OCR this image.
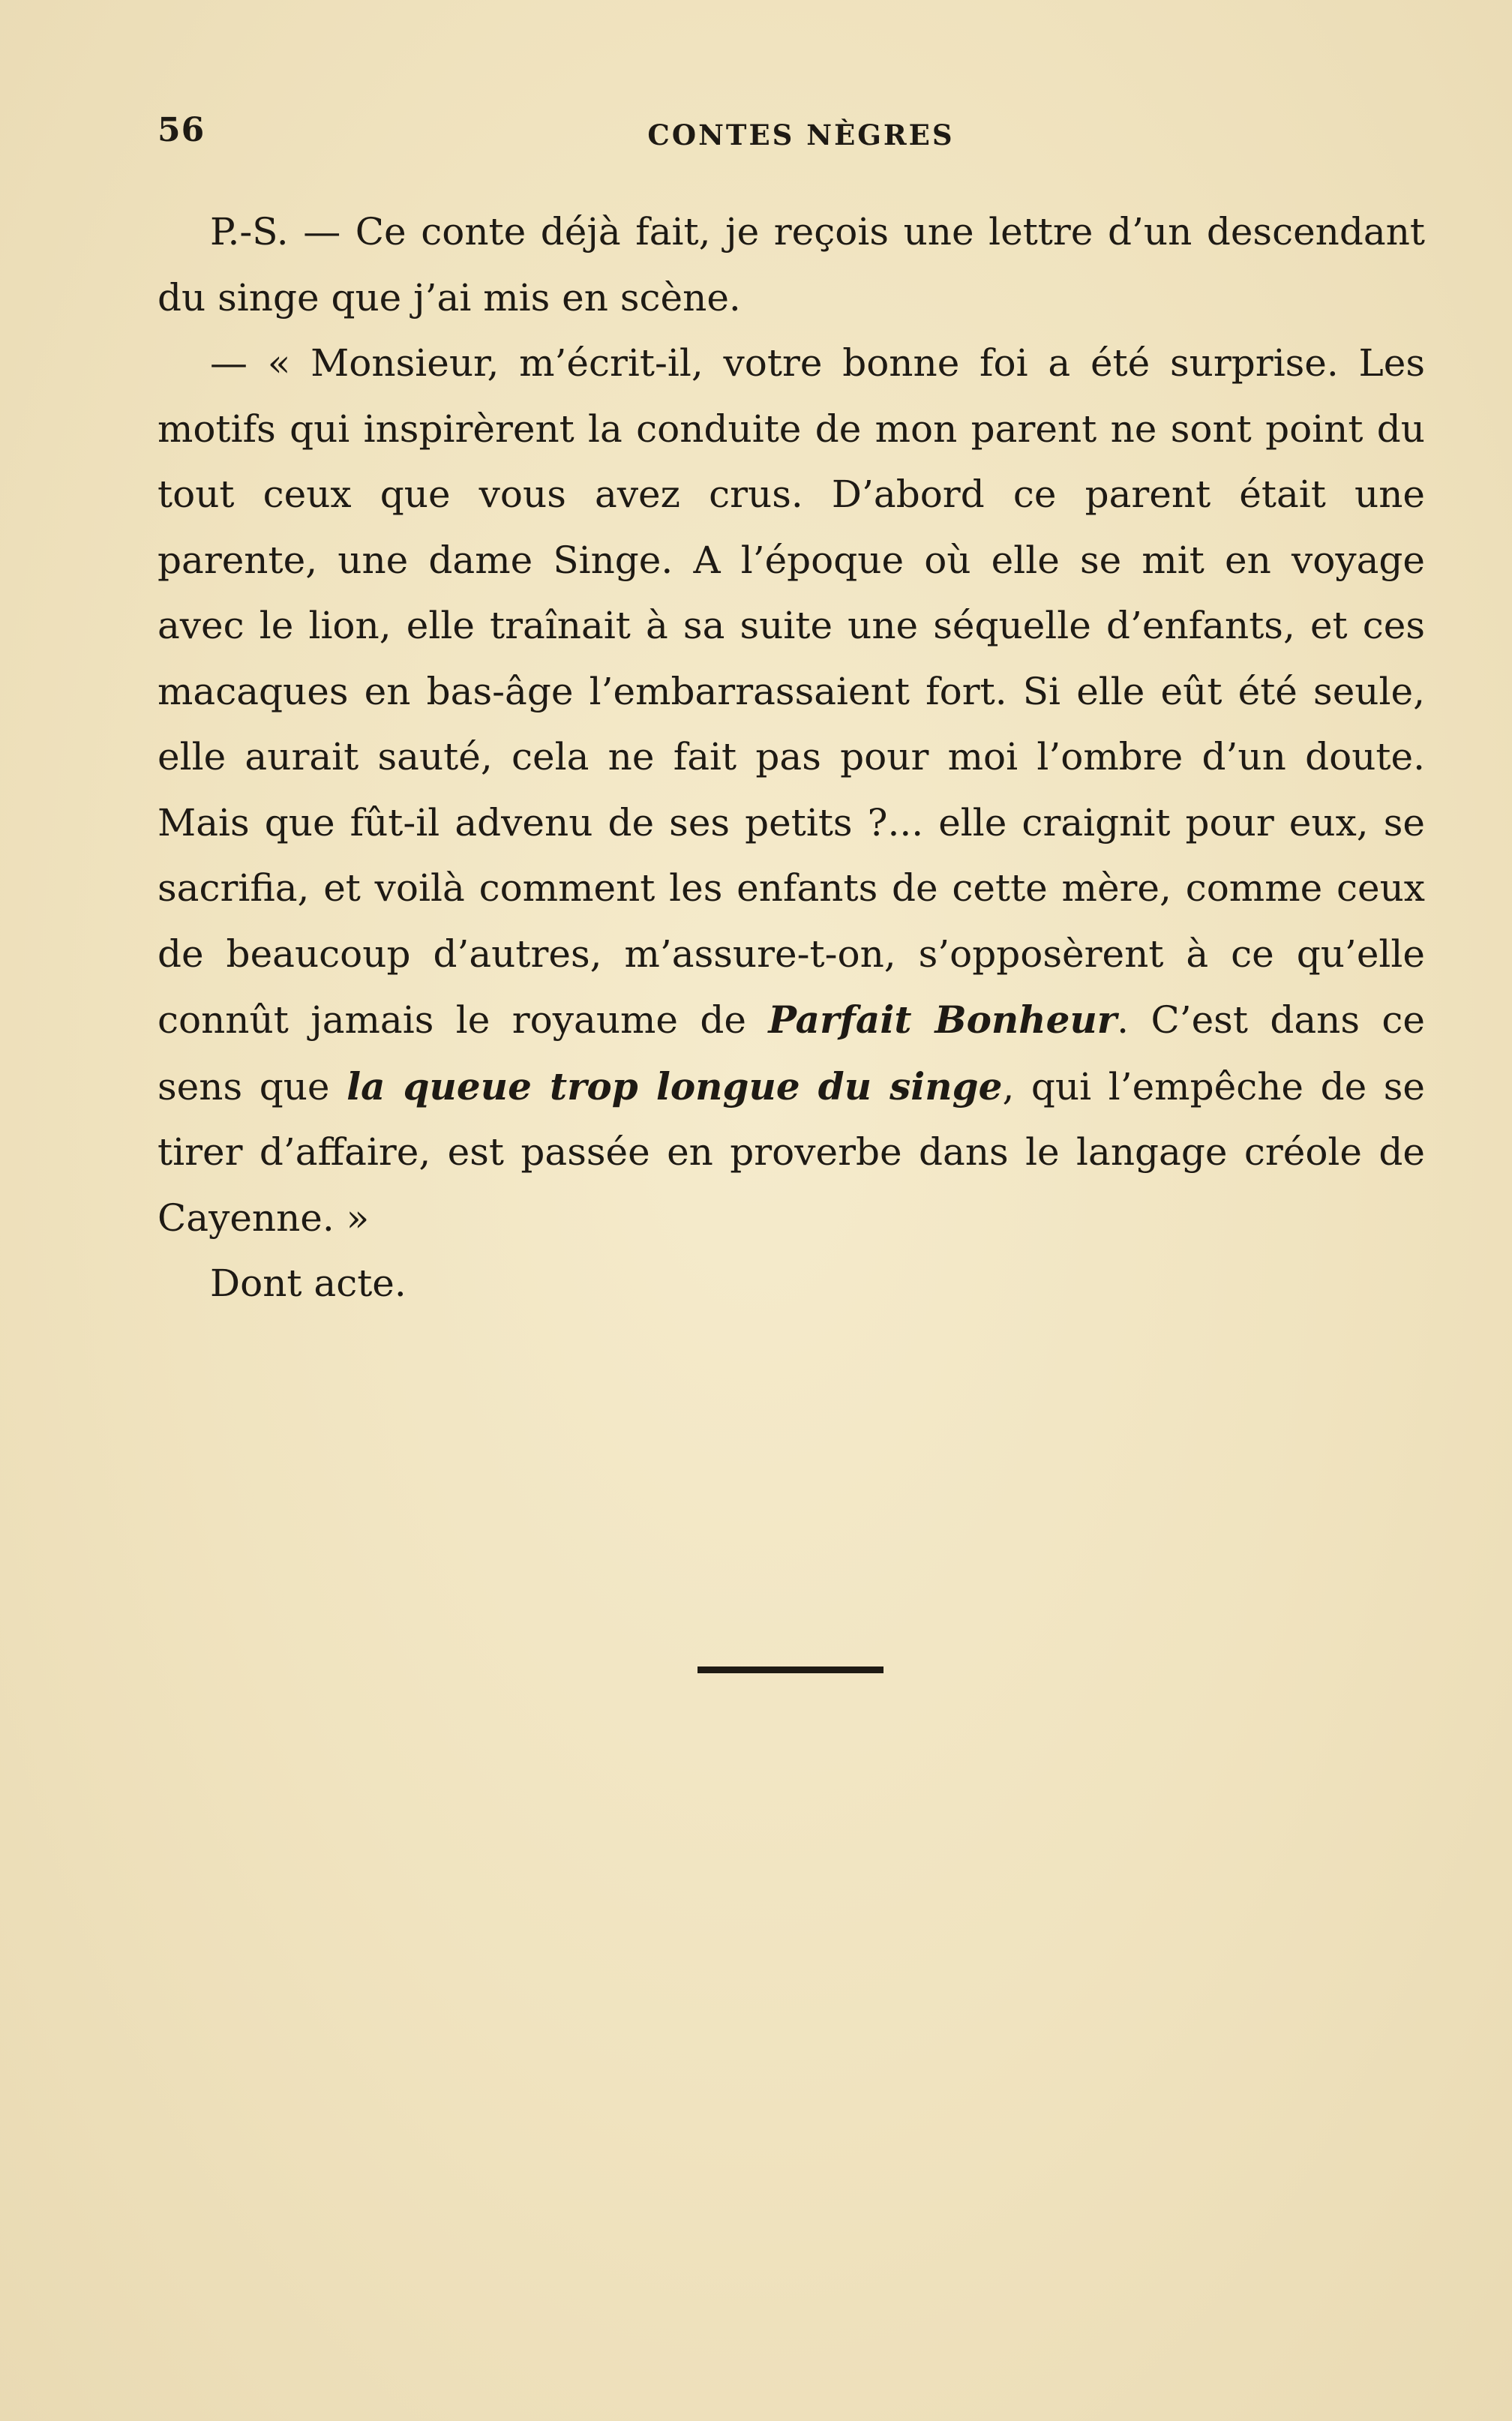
56	CONTES NÈGRES

P.-S. — Ce conte déjà fait, je reçois une lettre d’un descendant du singe que j’ai mis en scène.

— « Monsieur, m’écrit-il, votre bonne foi a été surprise. Les motifs qui inspirèrent la conduite de mon parent ne sont point du tout ceux que vous avez crus. D’abord ce parent était une parente, une dame Singe. A l’époque où elle se mit en voyage avec le lion, elle traînait à sa suite une séquelle d’enfants, et ces macaques en bas-âge l’embarrassaient fort. Si elle eût été seule, elle aurait sauté, cela ne fait pas pour moi l’ombre d’un doute. Mais que fût-il advenu de ses petits ?... elle craignit pour eux, se sacrifia, et voilà comment les enfants de cette mère, comme ceux de beaucoup d’autres, m’assure-t-on, s’opposèrent à ce qu’elle connût jamais le royaume de Parfait Bonheur. C’est dans ce sens que la queue trop longue du singe, qui l’empêche de se tirer d’affaire, est passée en proverbe dans le langage créole de Cayenne. »

Dont acte.
